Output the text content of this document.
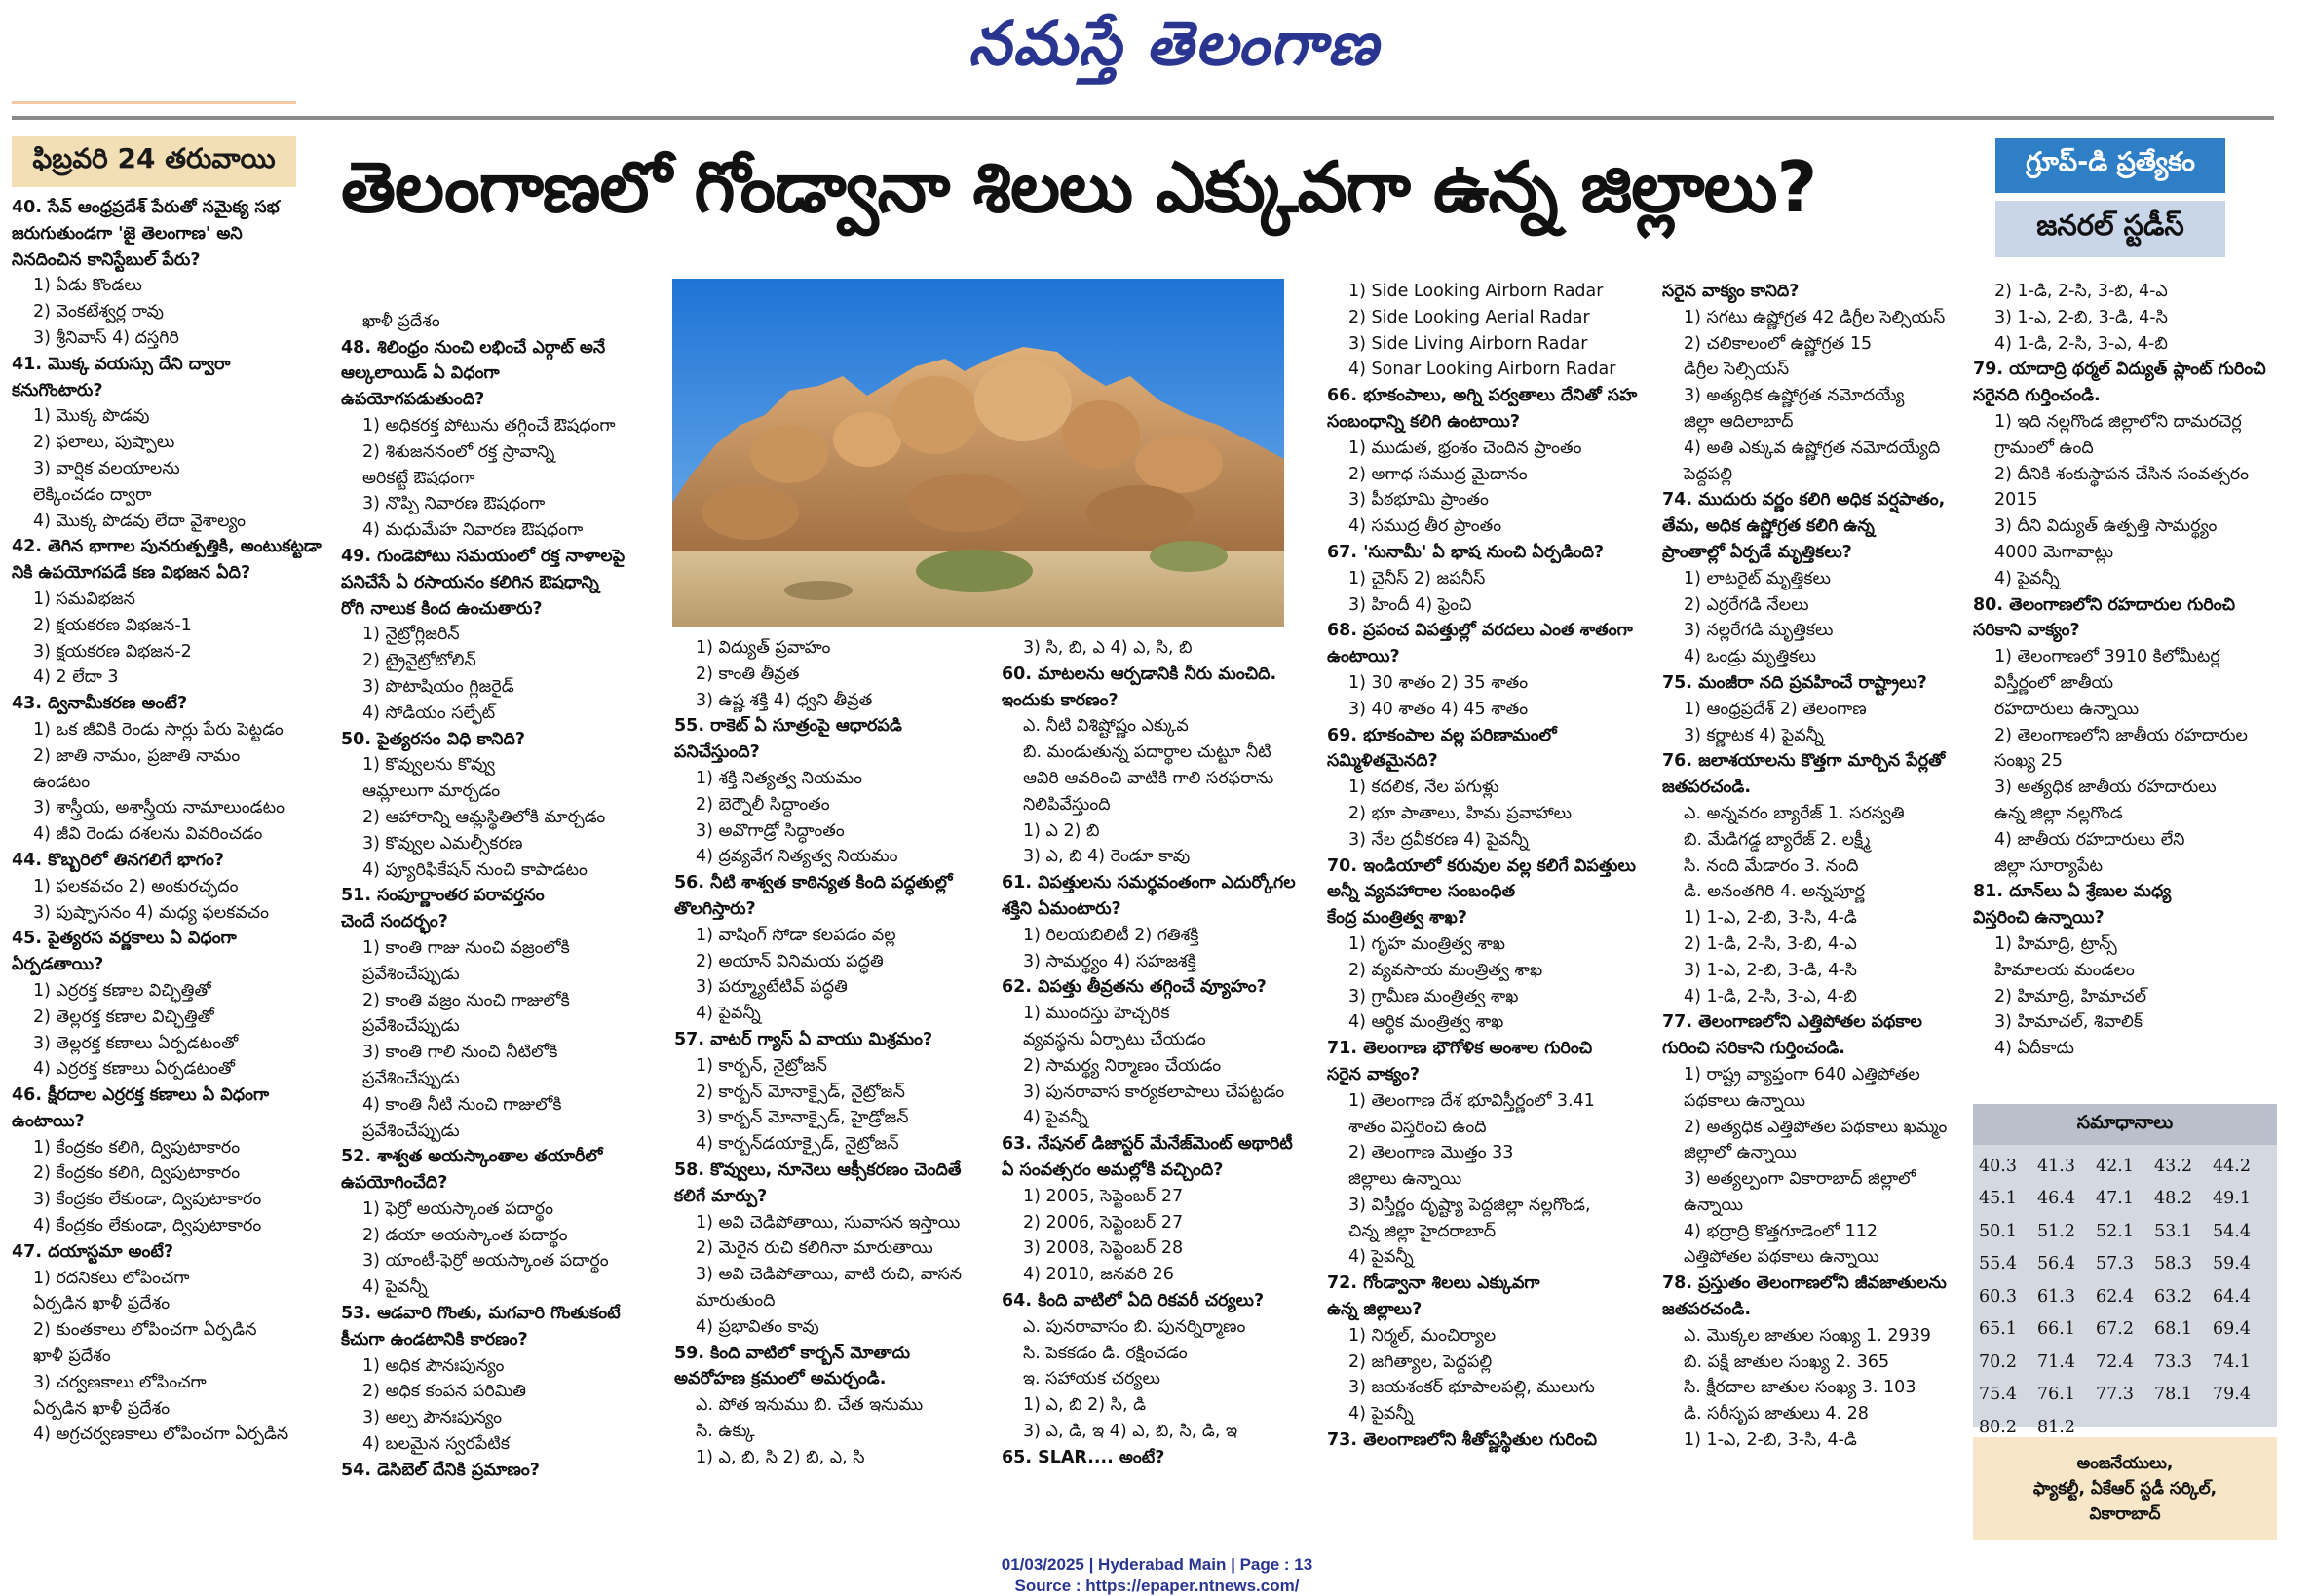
నమస్తే తెలంగాణ
ఫిబ్రవరి 24 తరువాయి తెలంగాణలో గోండ్వానా శిలలు ఎక్కువగా ఉన్న జిల్లాలు?	గ్రూప్-డి ప్రత్యేకం
జనరల్ స్టడీస్
40. సేవ్ ఆంధ్రప్రదేశ్ పేరుతో సమైక్య సభ
జరుగుతుండగా 'జై తెలంగాణ' అని
నినదించిన కానిస్టేబుల్ పేరు?
1) ఏడు కొండలు
2) వెంకటేశ్వర్ల రావు
3) శ్రీనివాస్ 4) దస్తగిరి
41. మొక్క వయస్సు దేని ద్వారా
కనుగొంటారు?
1) మొక్క పొడవు
2) ఫలాలు, పుష్పాలు
3) వార్షిక వలయాలను
లెక్కించడం ద్వారా
4) మొక్క పొడవు లేదా వైశాల్యం
42. తెగిన భాగాల పునరుత్పత్తికి, అంటుకట్టడా
నికి ఉపయోగపడే కణ విభజన ఏది?
1) సమవిభజన
2) క్షయకరణ విభజన-1
3) క్షయకరణ విభజన-2
4) 2 లేదా 3
43. ద్వినామీకరణ అంటే?
1) ఒక జీవికి రెండు సార్లు పేరు పెట్టడం
2) జాతి నామం, ప్రజాతి నామం
ఉండటం
3) శాస్త్రీయ, అశాస్త్రీయ నామాలుండటం
4) జీవి రెండు దశలను వివరించడం
44. కొబ్బరిలో తినగలిగే భాగం?
1) ఫలకవచం 2) అంకురచ్ఛదం
3) పుష్పాసనం 4) మధ్య ఫలకవచం
45. పైత్యరస వర్ణకాలు ఏ విధంగా
ఏర్పడతాయి?
1) ఎర్రరక్త కణాల విచ్ఛిత్తితో
2) తెల్లరక్త కణాల విచ్ఛిత్తితో
3) తెల్లరక్త కణాలు ఏర్పడటంతో
4) ఎర్రరక్త కణాలు ఏర్పడటంతో
46. క్షీరదాల ఎర్రరక్త కణాలు ఏ విధంగా
ఉంటాయి?
1) కేంద్రకం కలిగి, ద్విపుటాకారం
2) కేంద్రకం కలిగి, ద్విపుటాకారం
3) కేంద్రకం లేకుండా, ద్విపుటాకారం
4) కేంద్రకం లేకుండా, ద్విపుటాకారం
47. దయాస్టమా అంటే?
1) రదనికలు లోపించగా
ఏర్పడిన ఖాళీ ప్రదేశం
2) కుంతకాలు లోపించగా ఏర్పడిన
ఖాళీ ప్రదేశం
3) చర్వణకాలు లోపించగా
ఏర్పడిన ఖాళీ ప్రదేశం
4) అగ్రచర్వణకాలు లోపించగా ఏర్పడిన
ఖాళీ ప్రదేశం
48. శిలింధ్రం నుంచి లభించే ఎర్గాట్ అనే
ఆల్కలాయిడ్ ఏ విధంగా
ఉపయోగపడుతుంది?
1) అధికరక్త పోటును తగ్గించే ఔషధంగా
2) శిశుజననంలో రక్త స్రావాన్ని
అరికట్టే ఔషధంగా
3) నొప్పి నివారణ ఔషధంగా
4) మధుమేహ నివారణ ఔషధంగా
49. గుండెపోటు సమయంలో రక్త నాళాలపై
పనిచేసే ఏ రసాయనం కలిగిన ఔషధాన్ని
రోగి నాలుక కింద ఉంచుతారు?
1) నైట్రోగ్లిజరిన్
2) ట్రైనైట్రోటోలిన్
3) పొటాషియం గ్లిజరైడ్
4) సోడియం సల్ఫేట్
50. పైత్యరసం విధి కానిది?
1) కొవ్వులను కొవ్వు
ఆమ్లాలుగా మార్చడం
2) ఆహారాన్ని ఆమ్లస్థితిలోకి మార్చడం
3) కొవ్వుల ఎమల్సీకరణ
4) ప్యూరిఫికేషన్ నుంచి కాపాడటం
51. సంపూర్ణాంతర పరావర్తనం
చెందే సందర్భం?
1) కాంతి గాజు నుంచి వజ్రంలోకి
ప్రవేశించేప్పుడు
2) కాంతి వజ్రం నుంచి గాజులోకి
ప్రవేశించేప్పుడు
3) కాంతి గాలి నుంచి నీటిలోకి
ప్రవేశించేప్పుడు
4) కాంతి నీటి నుంచి గాజులోకి
ప్రవేశించేప్పుడు
52. శాశ్వత అయస్కాంతాల తయారీలో
ఉపయోగించేది?
1) ఫెర్రో అయస్కాంత పదార్థం
2) డయా అయస్కాంత పదార్థం
3) యాంటీ-ఫెర్రో అయస్కాంత పదార్థం
4) పైవన్నీ
53. ఆడవారి గొంతు, మగవారి గొంతుకంటే
కీచుగా ఉండటానికి కారణం?
1) అధిక పౌనఃపున్యం
2) అధిక కంపన పరిమితి
3) అల్ప పౌనఃపున్యం
4) బలమైన స్వరపేటిక
54. డెసిబెల్ దేనికి ప్రమాణం?
1) విద్యుత్ ప్రవాహం
2) కాంతి తీవ్రత
3) ఉష్ణ శక్తి 4) ధ్వని తీవ్రత
55. రాకెట్ ఏ సూత్రంపై ఆధారపడి
పనిచేస్తుంది?
1) శక్తి నిత్యత్వ నియమం
2) బెర్నౌలీ సిద్ధాంతం
3) అవొగాడ్రో సిద్ధాంతం
4) ద్రవ్యవేగ నిత్యత్వ నియమం
56. నీటి శాశ్వత కాఠిన్యత కింది పద్ధతుల్లో
తొలగిస్తారు?
1) వాషింగ్ సోడా కలపడం వల్ల
2) అయాన్ వినిమయ పద్ధతి
3) పర్మ్యూటేటివ్ పద్ధతి
4) పైవన్నీ
57. వాటర్ గ్యాస్ ఏ వాయు మిశ్రమం?
1) కార్బన్, నైట్రోజన్
2) కార్బన్ మోనాక్సైడ్, నైట్రోజన్
3) కార్బన్ మోనాక్సైడ్, హైడ్రోజన్
4) కార్బన్‌డయాక్సైడ్, నైట్రోజన్
58. కొవ్వులు, నూనెలు ఆక్సీకరణం చెందితే
కలిగే మార్పు?
1) అవి చెడిపోతాయి, సువాసన ఇస్తాయి
2) మెరైన రుచి కలిగినా మారుతాయి
3) అవి చెడిపోతాయి, వాటి రుచి, వాసన
మారుతుంది
4) ప్రభావితం కావు
59. కింది వాటిలో కార్బన్ మోతాదు
అవరోహణ క్రమంలో అమర్చండి.
ఎ. పోత ఇనుము బి. చేత ఇనుము
సి. ఉక్కు
1) ఎ, బి, సి 2) బి, ఎ, సి
3) సి, బి, ఎ 4) ఎ, సి, బి
60. మాటలను ఆర్పడానికి నీరు మంచిది.
ఇందుకు కారణం?
ఎ. నీటి విశిష్టోష్ణం ఎక్కువ
బి. మండుతున్న పదార్థాల చుట్టూ నీటి
ఆవిరి ఆవరించి వాటికి గాలి సరఫరాను
నిలిపివేస్తుంది
1) ఎ 2) బి
3) ఎ, బి 4) రెండూ కావు
61. విపత్తులను సమర్థవంతంగా ఎదుర్కోగల
శక్తిని ఏమంటారు?
1) రిలయబిలిటీ 2) గతిశక్తి
3) సామర్థ్యం 4) సహజశక్తి
62. విపత్తు తీవ్రతను తగ్గించే వ్యూహం?
1) ముందస్తు హెచ్చరిక
వ్యవస్థను ఏర్పాటు చేయడం
2) సామర్థ్య నిర్మాణం చేయడం
3) పునరావాస కార్యకలాపాలు చేపట్టడం
4) పైవన్నీ
63. నేషనల్ డిజాస్టర్ మేనేజ్‌మెంట్ అథారిటీ
ఏ సంవత్సరం అమల్లోకి వచ్చింది?
1) 2005, సెప్టెంబర్ 27
2) 2006, సెప్టెంబర్ 27
3) 2008, సెప్టెంబర్ 28
4) 2010, జనవరి 26
64. కింది వాటిలో ఏది రికవరీ చర్యలు?
ఎ. పునరావాసం బి. పునర్నిర్మాణం
సి. పెకకడం డి. రక్షించడం
ఇ. సహాయక చర్యలు
1) ఎ, బి 2) సి, డి
3) ఎ, డి, ఇ 4) ఎ, బి, సి, డి, ఇ
65. SLAR.... అంటే?
1) Side Looking Airborn Radar
2) Side Looking Aerial Radar
3) Side Living Airborn Radar
4) Sonar Looking Airborn Radar
66. భూకంపాలు, అగ్ని పర్వతాలు దేనితో సహ
సంబంధాన్ని కలిగి ఉంటాయి?
1) ముడుత, భ్రంశం చెందిన ప్రాంతం
2) అగాధ సముద్ర మైదానం
3) పీఠభూమి ప్రాంతం
4) సముద్ర తీర ప్రాంతం
67. 'సునామీ' ఏ భాష నుంచి ఏర్పడింది?
1) చైనీస్ 2) జపనీస్
3) హిందీ 4) ఫ్రెంచి
68. ప్రపంచ విపత్తుల్లో వరదలు ఎంత శాతంగా
ఉంటాయి?
1) 30 శాతం 2) 35 శాతం
3) 40 శాతం 4) 45 శాతం
69. భూకంపాల వల్ల పరిణామంలో
సమ్మిళితమైనది?
1) కదలిక, నేల పగుళ్లు
2) భూ పాతాలు, హిమ ప్రవాహాలు
3) నేల ద్రవీకరణ 4) పైవన్నీ
70. ఇండియాలో కరువుల వల్ల కలిగే విపత్తులు
అన్నీ వ్యవహారాల సంబంధిత
కేంద్ర మంత్రిత్వ శాఖ?
1) గృహ మంత్రిత్వ శాఖ
2) వ్యవసాయ మంత్రిత్వ శాఖ
3) గ్రామీణ మంత్రిత్వ శాఖ
4) ఆర్థిక మంత్రిత్వ శాఖ
71. తెలంగాణ భౌగోళిక అంశాల గురించి
సరైన వాక్యం?
1) తెలంగాణ దేశ భూవిస్తీర్ణంలో 3.41
శాతం విస్తరించి ఉంది
2) తెలంగాణ మొత్తం 33
జిల్లాలు ఉన్నాయి
3) విస్తీర్ణం దృష్ట్యా పెద్దజిల్లా నల్లగొండ,
చిన్న జిల్లా హైదరాబాద్
4) పైవన్నీ
72. గోండ్వానా శిలలు ఎక్కువగా
ఉన్న జిల్లాలు?
1) నిర్మల్, మంచిర్యాల
2) జగిత్యాల, పెద్దపల్లి
3) జయశంకర్ భూపాలపల్లి, ములుగు
4) పైవన్నీ
73. తెలంగాణలోని శీతోష్ణస్థితుల గురించి
సరైన వాక్యం కానిది?
1) సగటు ఉష్ణోగ్రత 42 డిగ్రీల సెల్సియస్
2) చలికాలంలో ఉష్ణోగ్రత 15
డిగ్రీల సెల్సియస్
3) అత్యధిక ఉష్ణోగ్రత నమోదయ్యే
జిల్లా ఆదిలాబాద్
4) అతి ఎక్కువ ఉష్ణోగ్రత నమోదయ్యేది
పెద్దపల్లి
74. ముదురు వర్ణం కలిగి అధిక వర్షపాతం,
తేమ, అధిక ఉష్ణోగ్రత కలిగి ఉన్న
ప్రాంతాల్లో ఏర్పడే మృత్తికలు?
1) లాటరైట్ మృత్తికలు
2) ఎర్రరేగడి నేలలు
3) నల్లరేగడి మృత్తికలు
4) ఒండ్రు మృత్తికలు
75. మంజీరా నది ప్రవహించే రాష్ట్రాలు?
1) ఆంధ్రప్రదేశ్ 2) తెలంగాణ
3) కర్ణాటక 4) పైవన్నీ
76. జలాశయాలను కొత్తగా మార్చిన పేర్లతో
జతపరచండి.
ఎ. అన్నవరం బ్యారేజ్ 1. సరస్వతి
బి. మేడిగడ్డ బ్యారేజ్ 2. లక్ష్మీ
సి. నంది మేడారం 3. నంది
డి. అనంతగిరి 4. అన్నపూర్ణ
1) 1-ఎ, 2-బి, 3-సి, 4-డి
2) 1-డి, 2-సి, 3-బి, 4-ఎ
3) 1-ఎ, 2-బి, 3-డి, 4-సి
4) 1-డి, 2-సి, 3-ఎ, 4-బి
77. తెలంగాణలోని ఎత్తిపోతల పథకాల
గురించి సరికాని గుర్తించండి.
1) రాష్ట్ర వ్యాప్తంగా 640 ఎత్తిపోతల
పథకాలు ఉన్నాయి
2) అత్యధిక ఎత్తిపోతల పథకాలు ఖమ్మం
జిల్లాలో ఉన్నాయి
3) అత్యల్పంగా వికారాబాద్ జిల్లాలో
ఉన్నాయి
4) భద్రాద్రి కొత్తగూడెంలో 112
ఎత్తిపోతల పథకాలు ఉన్నాయి
78. ప్రస్తుతం తెలంగాణలోని జీవజాతులను
జతపరచండి.
ఎ. మొక్కల జాతుల సంఖ్య 1. 2939
బి. పక్షి జాతుల సంఖ్య 2. 365
సి. క్షీరదాల జాతుల సంఖ్య 3. 103
డి. సరీసృప జాతులు 4. 28
1) 1-ఎ, 2-బి, 3-సి, 4-డి
2) 1-డి, 2-సి, 3-బి, 4-ఎ
3) 1-ఎ, 2-బి, 3-డి, 4-సి
4) 1-డి, 2-సి, 3-ఎ, 4-బి
79. యాదాద్రి థర్మల్ విద్యుత్ ప్లాంట్ గురించి
సరైనది గుర్తించండి.
1) ఇది నల్లగొండ జిల్లాలోని దామరచెర్ల
గ్రామంలో ఉంది
2) దీనికి శంకుస్థాపన చేసిన సంవత్సరం
2015
3) దీని విద్యుత్ ఉత్పత్తి సామర్థ్యం
4000 మెగావాట్లు
4) పైవన్నీ
80. తెలంగాణలోని రహదారుల గురించి
సరికాని వాక్యం?
1) తెలంగాణలో 3910 కిలోమీటర్ల
విస్తీర్ణంలో జాతీయ
రహదారులు ఉన్నాయి
2) తెలంగాణలోని జాతీయ రహదారుల
సంఖ్య 25
3) అత్యధిక జాతీయ రహదారులు
ఉన్న జిల్లా నల్లగొండ
4) జాతీయ రహదారులు లేని
జిల్లా సూర్యాపేట
81. దూన్‌లు ఏ శ్రేణుల మధ్య
విస్తరించి ఉన్నాయి?
1) హిమాద్రి, ట్రాన్స్
హిమాలయ మండలం
2) హిమాద్రి, హిమాచల్
3) హిమాచల్, శివాలిక్
4) ఏదీకాదు
సమాధానాలు
40.3	41.3	42.1	43.2	44.2
45.1	46.4	47.1	48.2	49.1
50.1	51.2	52.1	53.1	54.4
55.4	56.4	57.3	58.3	59.4
60.3	61.3	62.4	63.2	64.4
65.1	66.1	67.2	68.1	69.4
70.2	71.4	72.4	73.3	74.1
75.4	76.1	77.3	78.1	79.4
80.2	81.2
అంజనేయులు,
ఫ్యాకల్టీ, ఏకేఆర్ స్టడీ సర్కిల్,
వికారాబాద్
01/03/2025 | Hyderabad Main | Page : 13
Source : https://epaper.ntnews.com/
